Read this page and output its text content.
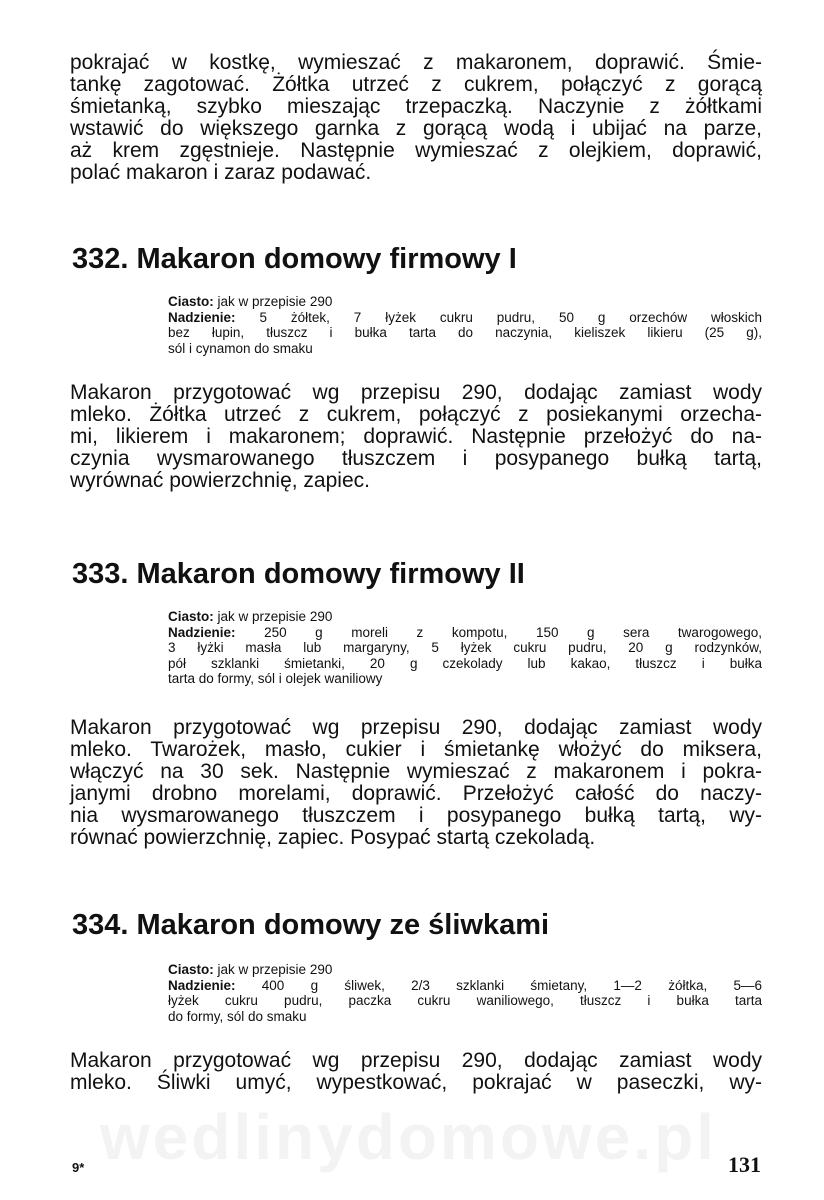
pokrajać w kostkę, wymieszać z makaronem, doprawić. Śmie-
tankę zagotować. Żółtka utrzeć z cukrem, połączyć z gorącą
śmietanką, szybko mieszając trzepaczką. Naczynie z żółtkami
wstawić do większego garnka z gorącą wodą i ubijać na parze,
aż krem zgęstnieje. Następnie wymieszać z olejkiem, doprawić,
polać makaron i zaraz podawać.
332. Makaron domowy firmowy I
Ciasto: jak w przepisie 290
Nadzienie: 5 żółtek, 7 łyżek cukru pudru, 50 g orzechów włoskich
bez łupin, tłuszcz i bułka tarta do naczynia, kieliszek likieru (25 g),
sól i cynamon do smaku
Makaron przygotować wg przepisu 290, dodając zamiast wody
mleko. Żółtka utrzeć z cukrem, połączyć z posiekanymi orzecha-
mi, likierem i makaronem; doprawić. Następnie przełożyć do na-
czynia wysmarowanego tłuszczem i posypanego bułką tartą,
wyrównać powierzchnię, zapiec.
333. Makaron domowy firmowy II
Ciasto: jak w przepisie 290
Nadzienie: 250 g moreli z kompotu, 150 g sera twarogowego,
3 łyżki masła lub margaryny, 5 łyżek cukru pudru, 20 g rodzynków,
pół szklanki śmietanki, 20 g czekolady lub kakao, tłuszcz i bułka
tarta do formy, sól i olejek waniliowy
Makaron przygotować wg przepisu 290, dodając zamiast wody
mleko. Twarożek, masło, cukier i śmietankę włożyć do miksera,
włączyć na 30 sek. Następnie wymieszać z makaronem i pokra-
janymi drobno morelami, doprawić. Przełożyć całość do naczy-
nia wysmarowanego tłuszczem i posypanego bułką tartą, wy-
równać powierzchnię, zapiec. Posypać startą czekoladą.
334. Makaron domowy ze śliwkami
Ciasto: jak w przepisie 290
Nadzienie: 400 g śliwek, 2/3 szklanki śmietany, 1—2 żółtka, 5—6
łyżek cukru pudru, paczka cukru waniliowego, tłuszcz i bułka tarta
do formy, sól do smaku
Makaron przygotować wg przepisu 290, dodając zamiast wody
mleko. Śliwki umyć, wypestkować, pokrajać w paseczki, wy-
wedlinydomowe.pl
9*	131
